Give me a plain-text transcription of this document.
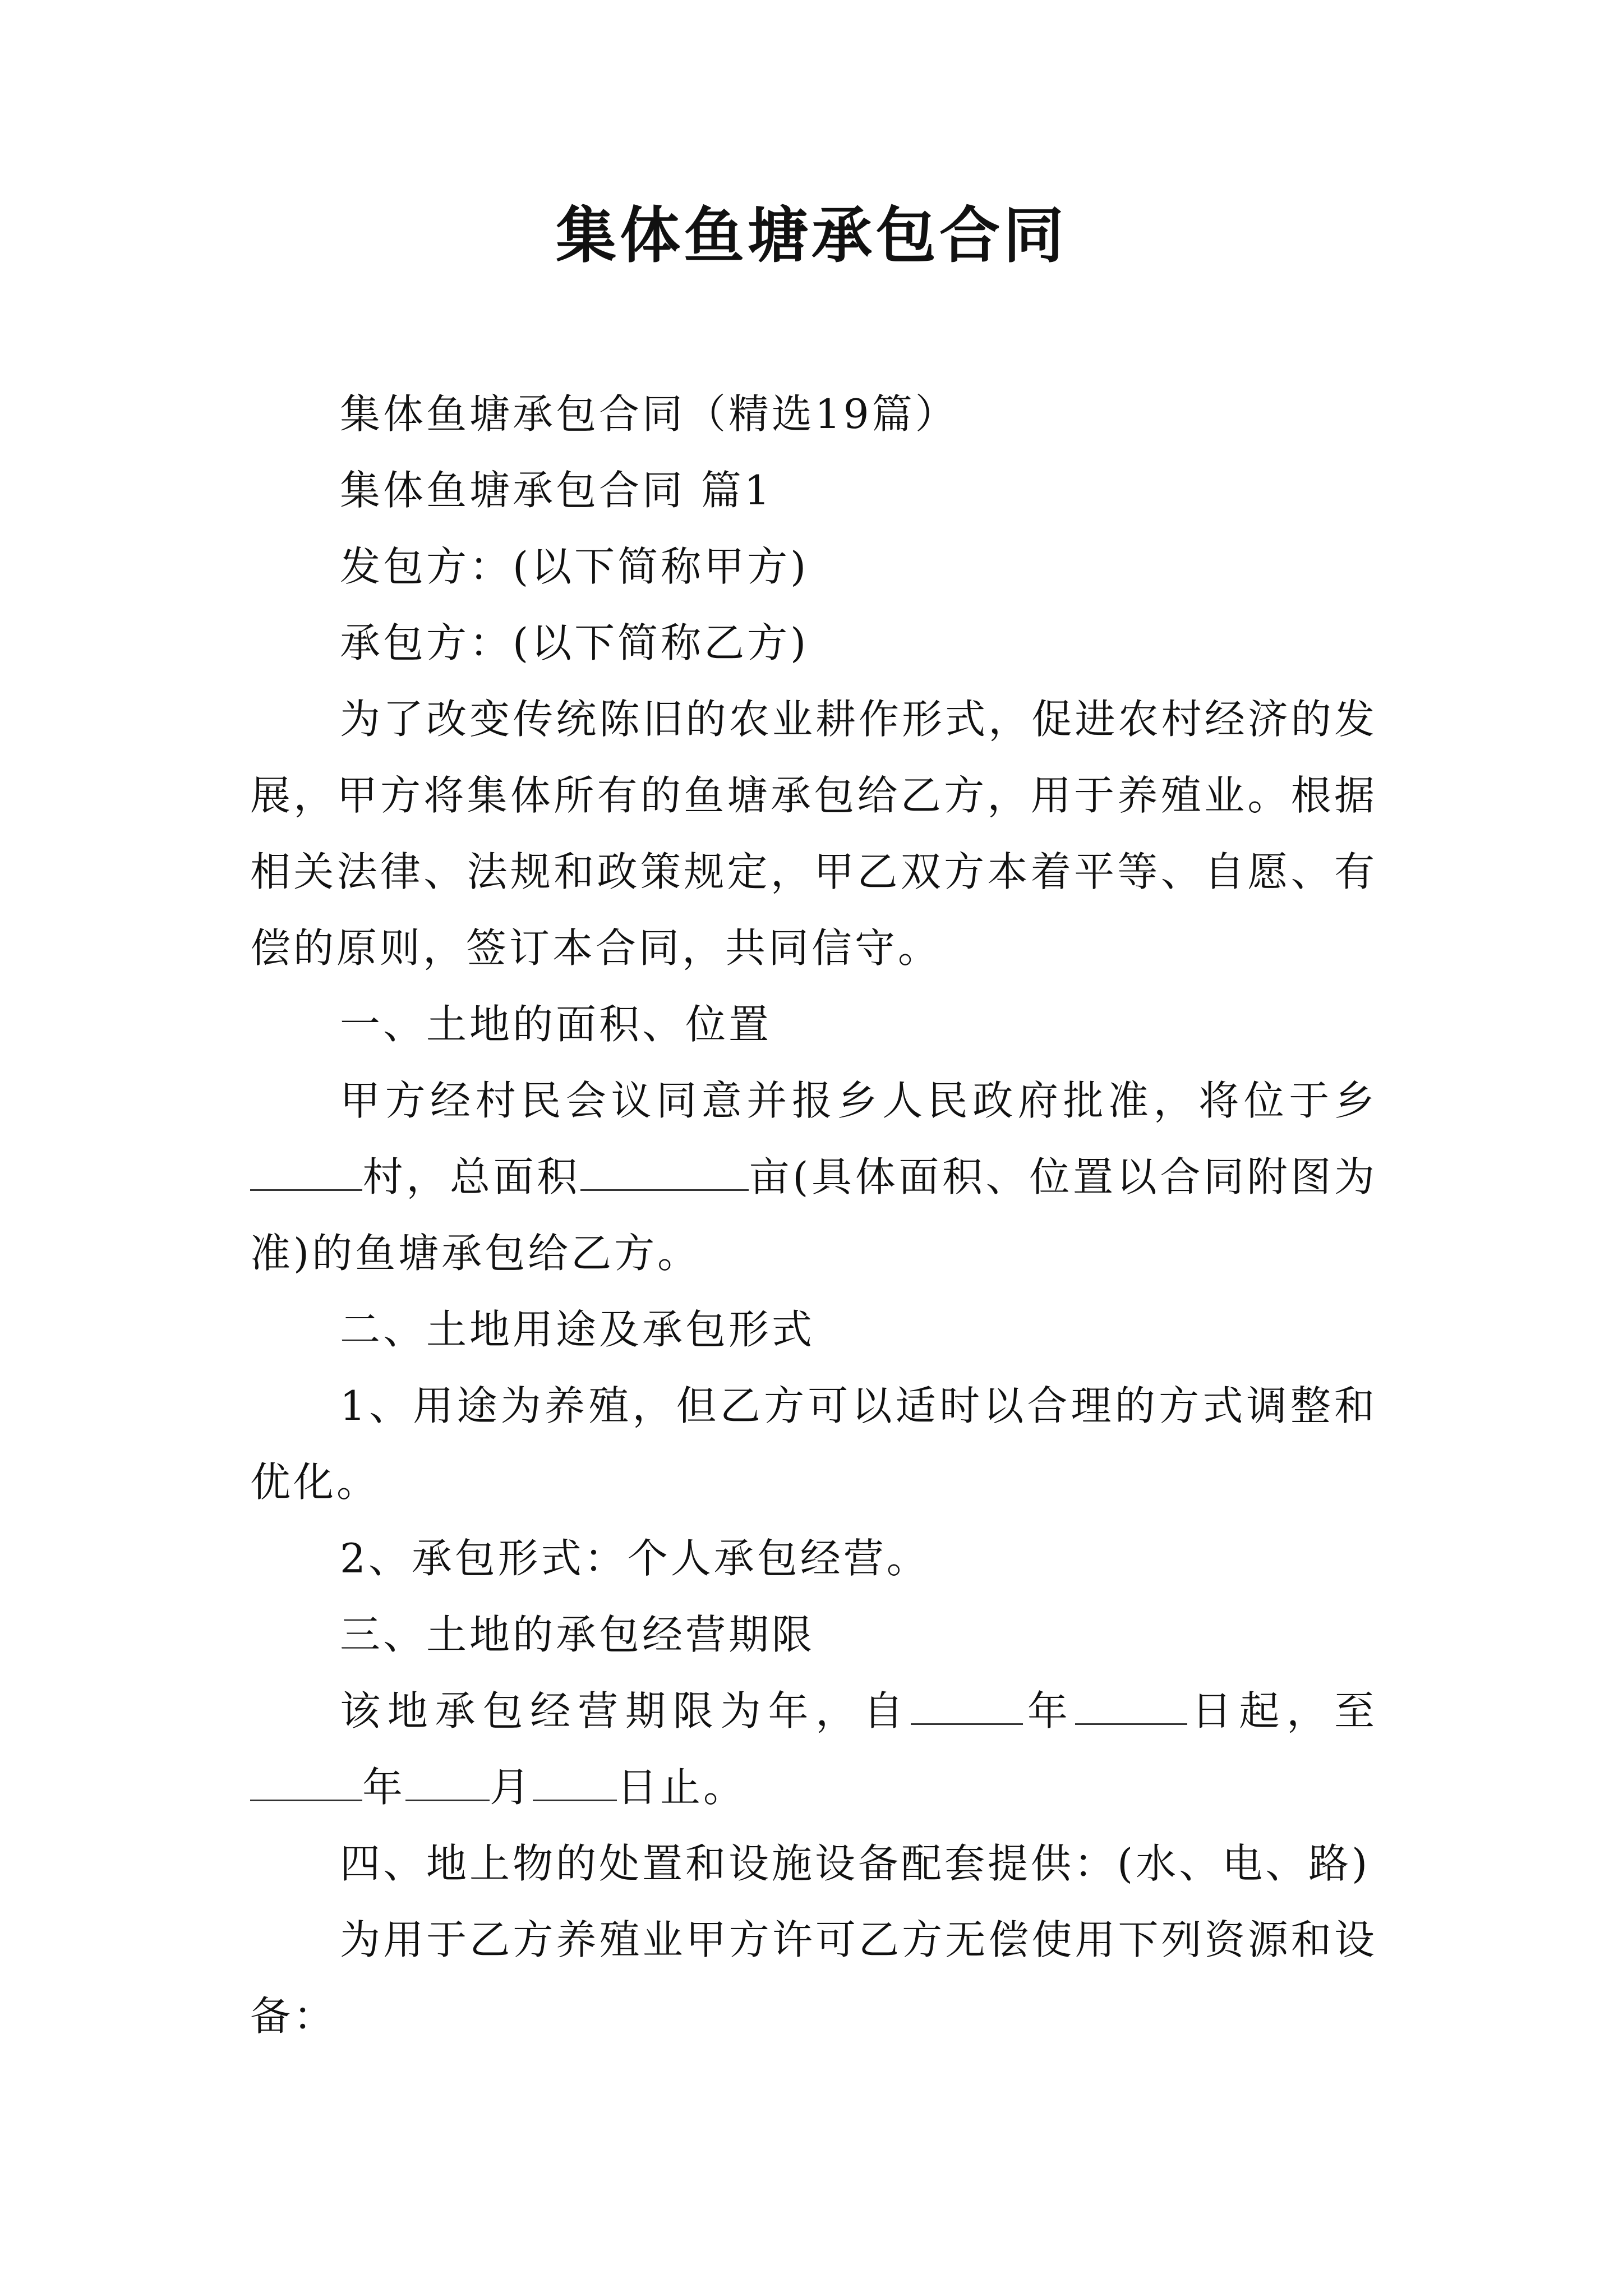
集体鱼塘承包合同

集体鱼塘承包合同（精选19篇）

集体鱼塘承包合同 篇1

发包方：(以下简称甲方)

承包方：(以下简称乙方)

为了改变传统陈旧的农业耕作形式，促进农村经济的发展，甲方将集体所有的鱼塘承包给乙方，用于养殖业。根据相关法律、法规和政策规定，甲乙双方本着平等、自愿、有偿的原则，签订本合同，共同信守。

一、土地的面积、位置

甲方经村民会议同意并报乡人民政府批准，将位于乡村，总面积	亩(具体面积、位置以合同附图为准)的鱼塘承包给乙方。

二、土地用途及承包形式

1、用途为养殖，但乙方可以适时以合理的方式调整和优化。

2、承包形式：个人承包经营。

三、土地的承包经营期限

该地承包经营期限为年，自	年	日起，至年 月 日止。

四、地上物的处置和设施设备配套提供：(水、电、路)

为用于乙方养殖业甲方许可乙方无偿使用下列资源和设备：
